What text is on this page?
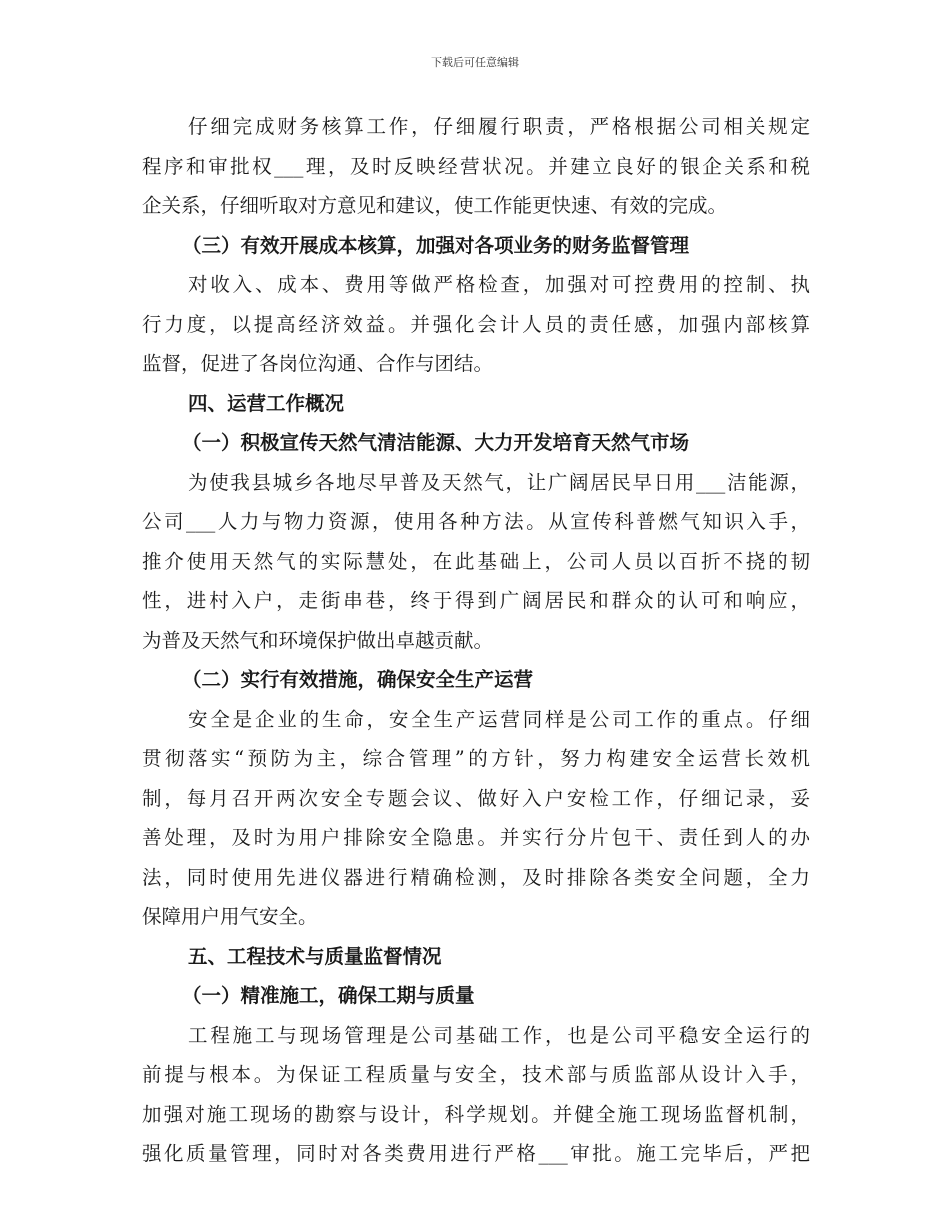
下载后可任意编辑
仔细完成财务核算工作，仔细履行职责，严格根据公司相关规定
程序和审批权___理，及时反映经营状况。并建立良好的银企关系和税
企关系，仔细听取对方意见和建议，使工作能更快速、有效的完成。
（三）有效开展成本核算，加强对各项业务的财务监督管理
对收入、成本、费用等做严格检查，加强对可控费用的控制、执
行力度，以提高经济效益。并强化会计人员的责任感，加强内部核算
监督，促进了各岗位沟通、合作与团结。
四、运营工作概况
（一）积极宣传天然气清洁能源、大力开发培育天然气市场
为使我县城乡各地尽早普及天然气，让广阔居民早日用___洁能源，
公司___人力与物力资源，使用各种方法。从宣传科普燃气知识入手，
推介使用天然气的实际慧处，在此基础上，公司人员以百折不挠的韧
性，进村入户，走街串巷，终于得到广阔居民和群众的认可和响应，
为普及天然气和环境保护做出卓越贡献。
（二）实行有效措施，确保安全生产运营
安全是企业的生命，安全生产运营同样是公司工作的重点。仔细
贯彻落实“预防为主，综合管理”的方针，努力构建安全运营长效机
制，每月召开两次安全专题会议、做好入户安检工作，仔细记录，妥
善处理，及时为用户排除安全隐患。并实行分片包干、责任到人的办
法，同时使用先进仪器进行精确检测，及时排除各类安全问题，全力
保障用户用气安全。
五、工程技术与质量监督情况
（一）精准施工，确保工期与质量
工程施工与现场管理是公司基础工作，也是公司平稳安全运行的
前提与根本。为保证工程质量与安全，技术部与质监部从设计入手，
加强对施工现场的勘察与设计，科学规划。并健全施工现场监督机制，
强化质量管理，同时对各类费用进行严格___审批。施工完毕后，严把
